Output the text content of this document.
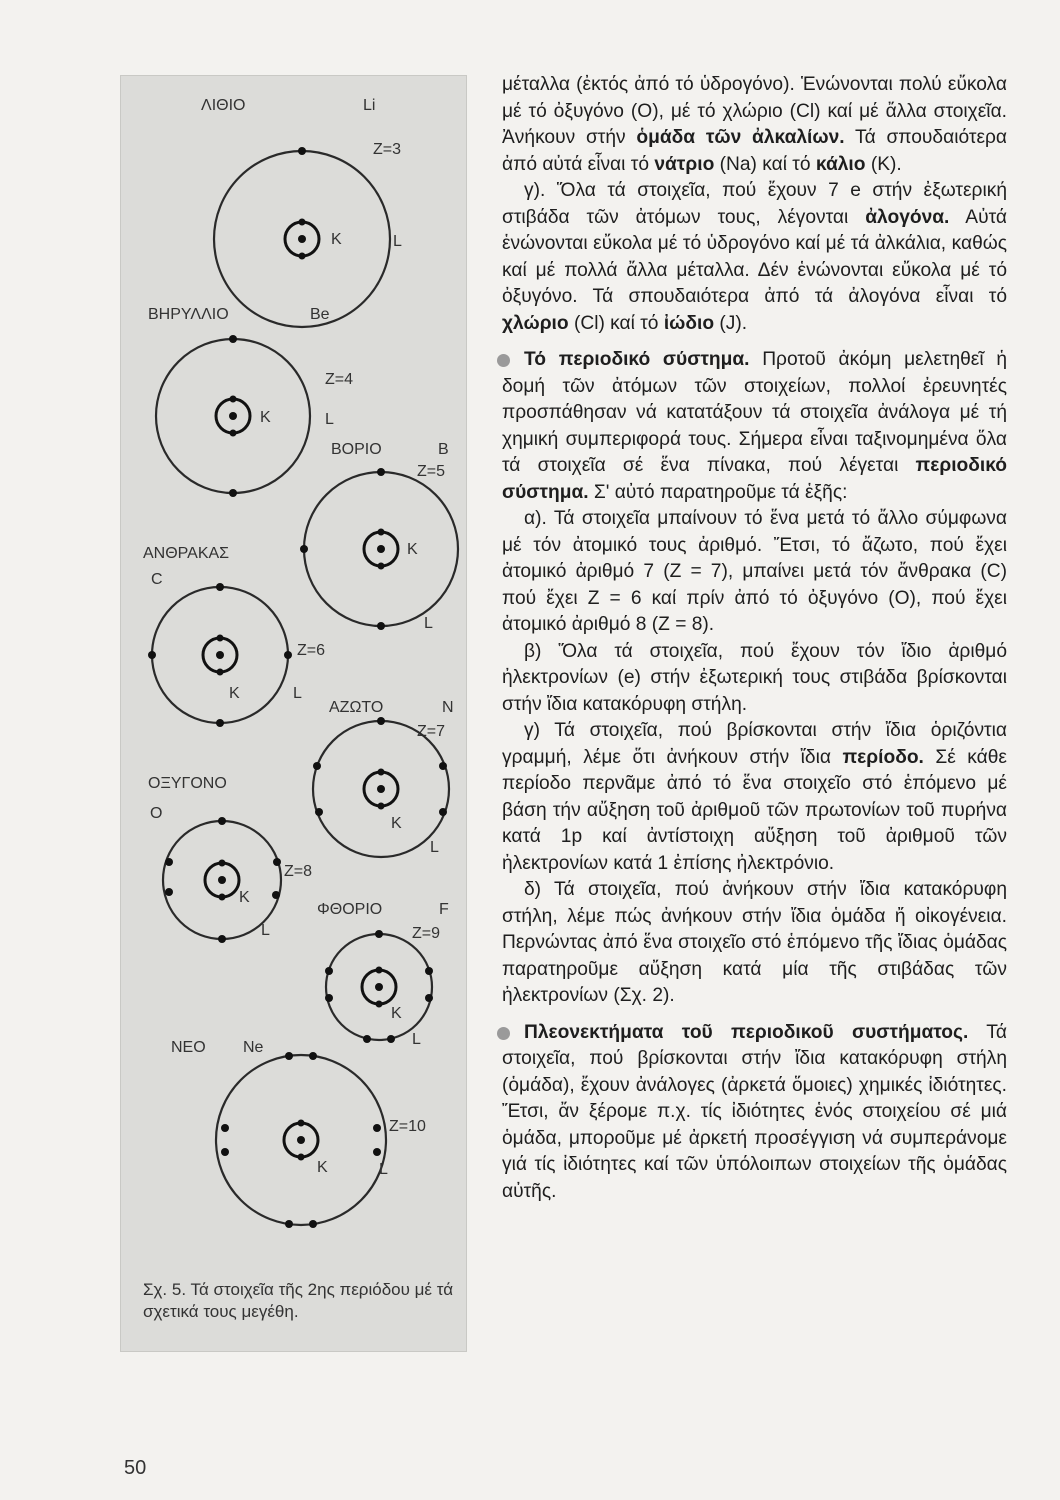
ΛΙΘΙΟ	Li
Z=3
K	L
ΒΗΡΥΛΛΙΟ	Be
Z=4
K	L
ΒΟΡΙΟ	B
Z=5
K
L
ΑΝΘΡΑΚΑΣ
C
Z=6
K	L
ΑΖΩΤΟ	N
Z=7
K
L
ΟΞΥΓΟΝΟ
O
Z=8
K
L
ΦΘΟΡΙΟ	F
Z=9
K
L
ΝΕΟ Ne
Z=10
K	L
Σχ. 5. Τά στοιχεῖα τῆς 2ης περιόδου μέ τά σχετικά τους μεγέθη.

μέταλλα (ἐκτός ἀπό τό ὑδρογόνο). Ἑνώνονται πολύ εὔκολα μέ τό ὀξυγόνο (Ο), μέ τό χλώριο (Cl) καί μέ ἄλλα στοιχεῖα. Ἀνήκουν στήν ὁμάδα τῶν ἀλκαλίων. Τά σπουδαιότερα ἀπό αὐτά εἶναι τό νάτριο (Na) καί τό κάλιο (K).

γ). Ὅλα τά στοιχεῖα, πού ἔχουν 7 e στήν ἐξωτερική στιβάδα τῶν ἀτόμων τους, λέγονται ἀλογόνα. Αὐτά ἑνώνονται εὔκολα μέ τό ὑδρογόνο καί μέ τά ἀλκάλια, καθώς καί μέ πολλά ἄλλα μέταλλα. Δέν ἑνώνονται εὔκολα μέ τό ὀξυγόνο. Τά σπουδαιότερα ἀπό τά ἀλογόνα εἶναι τό χλώριο (Cl) καί τό ἰώδιο (J).

Τό περιοδικό σύστημα. Προτοῦ ἀκόμη μελετηθεῖ ἡ δομή τῶν ἀτόμων τῶν στοιχείων, πολλοί ἐρευνητές προσπάθησαν νά κατατάξουν τά στοιχεῖα ἀνάλογα μέ τή χημική συμπεριφορά τους. Σήμερα εἶναι ταξινομημένα ὅλα τά στοιχεῖα σέ ἕνα πίνακα, πού λέγεται περιοδικό σύστημα. Σ' αὐτό παρατηροῦμε τά ἑξῆς:

α). Τά στοιχεῖα μπαίνουν τό ἕνα μετά τό ἄλλο σύμφωνα μέ τόν ἀτομικό τους ἀριθμό. Ἔτσι, τό ἄζωτο, πού ἔχει ἀτομικό ἀριθμό 7 (Z = 7), μπαίνει μετά τόν ἄνθρακα (C) πού ἔχει Z = 6 καί πρίν ἀπό τό ὀξυγόνο (Ο), πού ἔχει ἀτομικό ἀριθμό 8 (Z = 8).

β) Ὅλα τά στοιχεῖα, πού ἔχουν τόν ἴδιο ἀριθμό ἠλεκτρονίων (e) στήν ἐξωτερική τους στιβάδα βρίσκονται στήν ἴδια κατακόρυφη στήλη.

γ) Τά στοιχεῖα, πού βρίσκονται στήν ἴδια ὁριζόντια γραμμή, λέμε ὅτι ἀνήκουν στήν ἴδια περίοδο. Σέ κάθε περίοδο περνᾶμε ἀπό τό ἕνα στοιχεῖο στό ἑπόμενο μέ βάση τήν αὔξηση τοῦ ἀριθμοῦ τῶν πρωτονίων τοῦ πυρήνα κατά 1p καί ἀντίστοιχη αὔξηση τοῦ ἀριθμοῦ τῶν ἠλεκτρονίων κατά 1 ἐπίσης ἠλεκτρόνιο.

δ) Τά στοιχεῖα, πού ἀνήκουν στήν ἴδια κατακόρυφη στήλη, λέμε πώς ἀνήκουν στήν ἴδια ὁμάδα ἤ οἰκογένεια. Περνώντας ἀπό ἕνα στοιχεῖο στό ἑπόμενο τῆς ἴδιας ὁμάδας παρατηροῦμε αὔξηση κατά μία τῆς στιβάδας τῶν ἠλεκτρονίων (Σχ. 2).

Πλεονεκτήματα τοῦ περιοδικοῦ συστήματος. Τά στοιχεῖα, πού βρίσκονται στήν ἴδια κατακόρυφη στήλη (ὁμάδα), ἔχουν ἀνάλογες (ἀρκετά ὅμοιες) χημικές ἰδιότητες. Ἔτσι, ἄν ξέρομε π.χ. τίς ἰδιότητες ἑνός στοιχείου σέ μιά ὁμάδα, μποροῦμε μέ ἀρκετή προσέγγιση νά συμπεράνομε γιά τίς ἰδιότητες καί τῶν ὑπόλοιπων στοιχείων τῆς ὁμάδας αὐτῆς.

50
